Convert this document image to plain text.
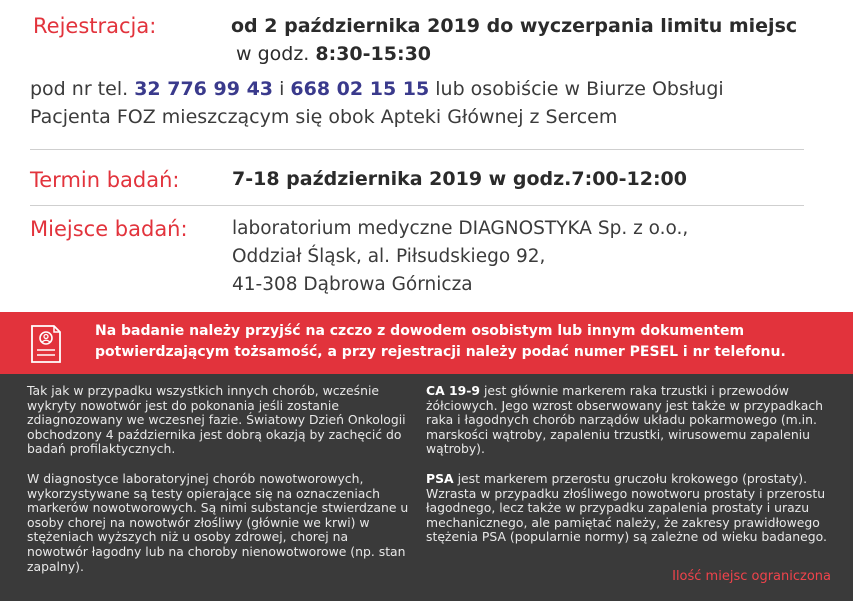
Rejestracja:	od 2 października 2019 do wyczerpania limitu miejsc
w godz. 8:30-15:30
pod nr tel. 32 776 99 43 i 668 02 15 15 lub osobiście w Biurze Obsługi
Pacjenta FOZ mieszczącym się obok Apteki Głównej z Sercem
Termin badań:	7-18 października 2019 w godz.7:00-12:00
Miejsce badań: laboratorium medyczne DIAGNOSTYKA Sp. z o.o.,
Oddział Śląsk, al. Piłsudskiego 92,
41-308 Dąbrowa Górnicza
Na badanie należy przyjść na czczo z dowodem osobistym lub innym dokumentem
potwierdzającym tożsamość, a przy rejestracji należy podać numer PESEL i nr telefonu.

Tak jak w przypadku wszystkich innych chorób, wcześnie wykryty nowotwór jest do pokonania jeśli zostanie zdiagnozowany we wczesnej fazie. Światowy Dzień Onkologii obchodzony 4 października jest dobrą okazją by zachęcić do badań profilaktycznych.

W diagnostyce laboratoryjnej chorób nowotworowych, wykorzystywane są testy opierające się na oznaczeniach markerów nowotworowych. Są nimi substancje stwierdzane u osoby chorej na nowotwór złośliwy (głównie we krwi) w stężeniach wyższych niż u osoby zdrowej, chorej na nowotwór łagodny lub na choroby nienowotworowe (np. stan zapalny).

CA 19-9 jest głównie markerem raka trzustki i przewodów żółciowych. Jego wzrost obserwowany jest także w przypadkach raka i łagodnych chorób narządów układu pokarmowego (m.in. marskości wątroby, zapaleniu trzustki, wirusowemu zapaleniu wątroby).

PSA jest markerem przerostu gruczołu krokowego (prostaty). Wzrasta w przypadku złośliwego nowotworu prostaty i przerostu łagodnego, lecz także w przypadku zapalenia prostaty i urazu mechanicznego, ale pamiętać należy, że zakresy prawidłowego stężenia PSA (popularnie normy) są zależne od wieku badanego.

Ilość miejsc ograniczona
